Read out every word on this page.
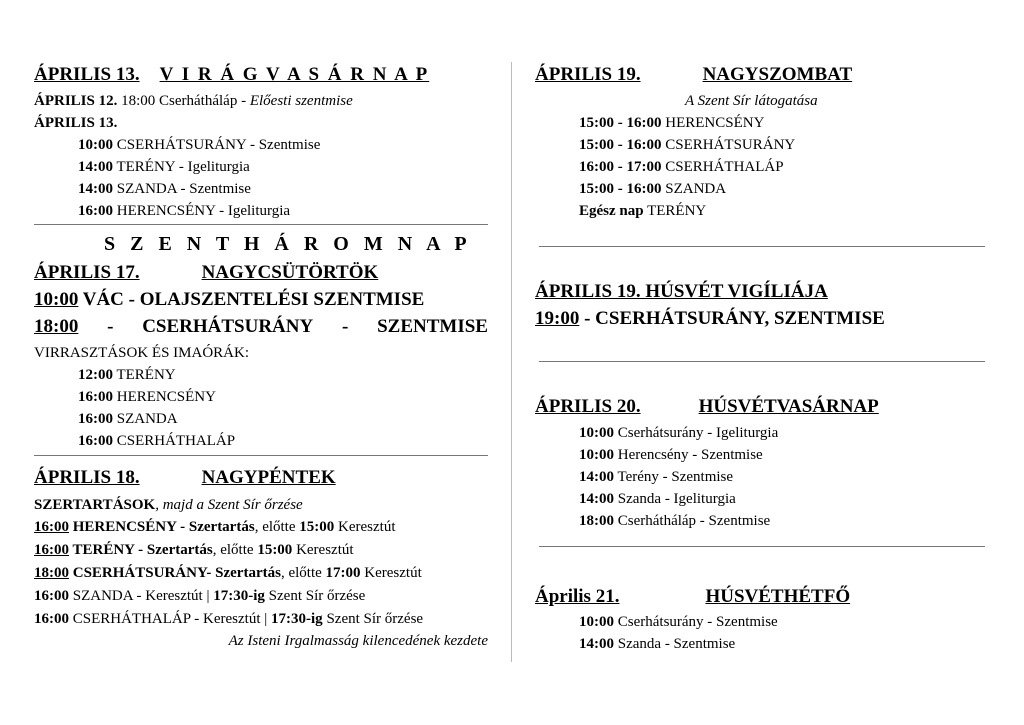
ÁPRILIS 13. V I R Á G V A S Á R N A P
ÁPRILIS 12. 18:00 Cserhátháláp - Előesti szentmise
ÁPRILIS 13.
10:00 CSERHÁTSURÁNY - Szentmise
14:00 TERÉNY - Igeliturgia
14:00 SZANDA - Szentmise
16:00 HERENCSÉNY - Igeliturgia
S Z E N T H Á R O M N A P
ÁPRILIS 17.	NAGYCSÜTÖRTÖK
10:00 VÁC - OLAJSZENTELÉSI SZENTMISE
18:00 - CSERHÁTSURÁNY - SZENTMISE
VIRRASZTÁSOK ÉS IMAÓRÁK:
12:00 TERÉNY
16:00 HERENCSÉNY
16:00 SZANDA
16:00 CSERHÁTHALÁP
ÁPRILIS 18.	NAGYPÉNTEK
SZERTARTÁSOK, majd a Szent Sír őrzése
16:00 HERENCSÉNY - Szertartás, előtte 15:00 Keresztút
16:00 TERÉNY - Szertartás, előtte 15:00 Keresztút
18:00 CSERHÁTSURÁNY- Szertartás, előtte 17:00 Keresztút
16:00 SZANDA - Keresztút | 17:30-ig Szent Sír őrzése
16:00 CSERHÁTHALÁP - Keresztút | 17:30-ig Szent Sír őrzése
Az Isteni Irgalmasság kilencedének kezdete
ÁPRILIS 19.	NAGYSZOMBAT
A Szent Sír látogatása
15:00 - 16:00 HERENCSÉNY
15:00 - 16:00 CSERHÁTSURÁNY
16:00 - 17:00 CSERHÁTHALÁP
15:00 - 16:00 SZANDA
Egész nap TERÉNY
ÁPRILIS 19. HÚSVÉT VIGÍLIÁJA
19:00 - CSERHÁTSURÁNY, SZENTMISE
ÁPRILIS 20.	HÚSVÉTVASÁRNAP
10:00 Cserhátsurány - Igeliturgia
10:00 Herencsény - Szentmise
14:00 Terény - Szentmise
14:00 Szanda - Igeliturgia
18:00 Cserhátháláp - Szentmise
Április 21.	HÚSVÉTHÉTFŐ
10:00 Cserhátsurány - Szentmise
14:00 Szanda - Szentmise
